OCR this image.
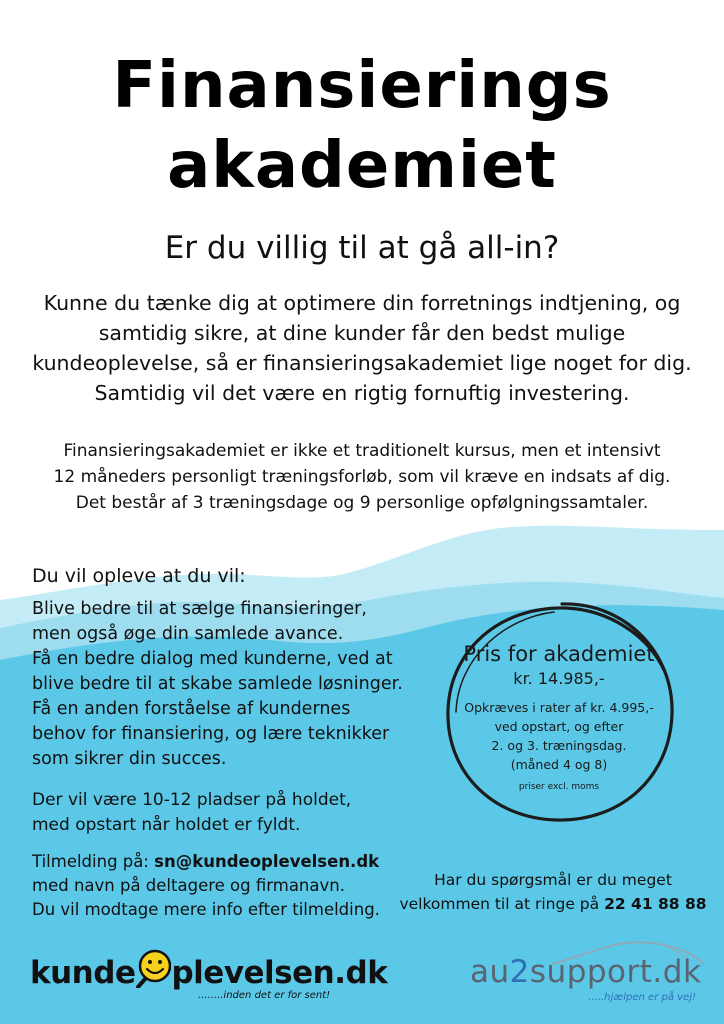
Finansierings
akademiet
Er du villig til at gå all-in?
Kunne du tænke dig at optimere din forretnings indtjening, og
samtidig sikre, at dine kunder får den bedst mulige
kundeoplevelse, så er finansieringsakademiet lige noget for dig.
Samtidig vil det være en rigtig fornuftig investering.
Finansieringsakademiet er ikke et traditionelt kursus, men et intensivt
12 måneders personligt træningsforløb, som vil kræve en indsats af dig.
Det består af 3 træningsdage og 9 personlige opfølgningssamtaler.
Du vil opleve at du vil:
Blive bedre til at sælge finansieringer,
men også øge din samlede avance.
Få en bedre dialog med kunderne, ved at
blive bedre til at skabe samlede løsninger.
Få en anden forståelse af kundernes
behov for finansiering, og lære teknikker
som sikrer din succes.
Der vil være 10-12 pladser på holdet,
med opstart når holdet er fyldt.
Tilmelding på: sn@kundeoplevelsen.dk
med navn på deltagere og firmanavn.
Du vil modtage mere info efter tilmelding.
Pris for akademiet
kr. 14.985,-
Opkræves i rater af kr. 4.995,-
ved opstart, og efter
2. og 3. træningsdag.
(måned 4 og 8)
priser excl. moms
Har du spørgsmål er du meget
velkommen til at ringe på 22 41 88 88
kunde plevelsen.dk
........inden det er for sent!
au2support.dk
.....hjælpen er på vej!
